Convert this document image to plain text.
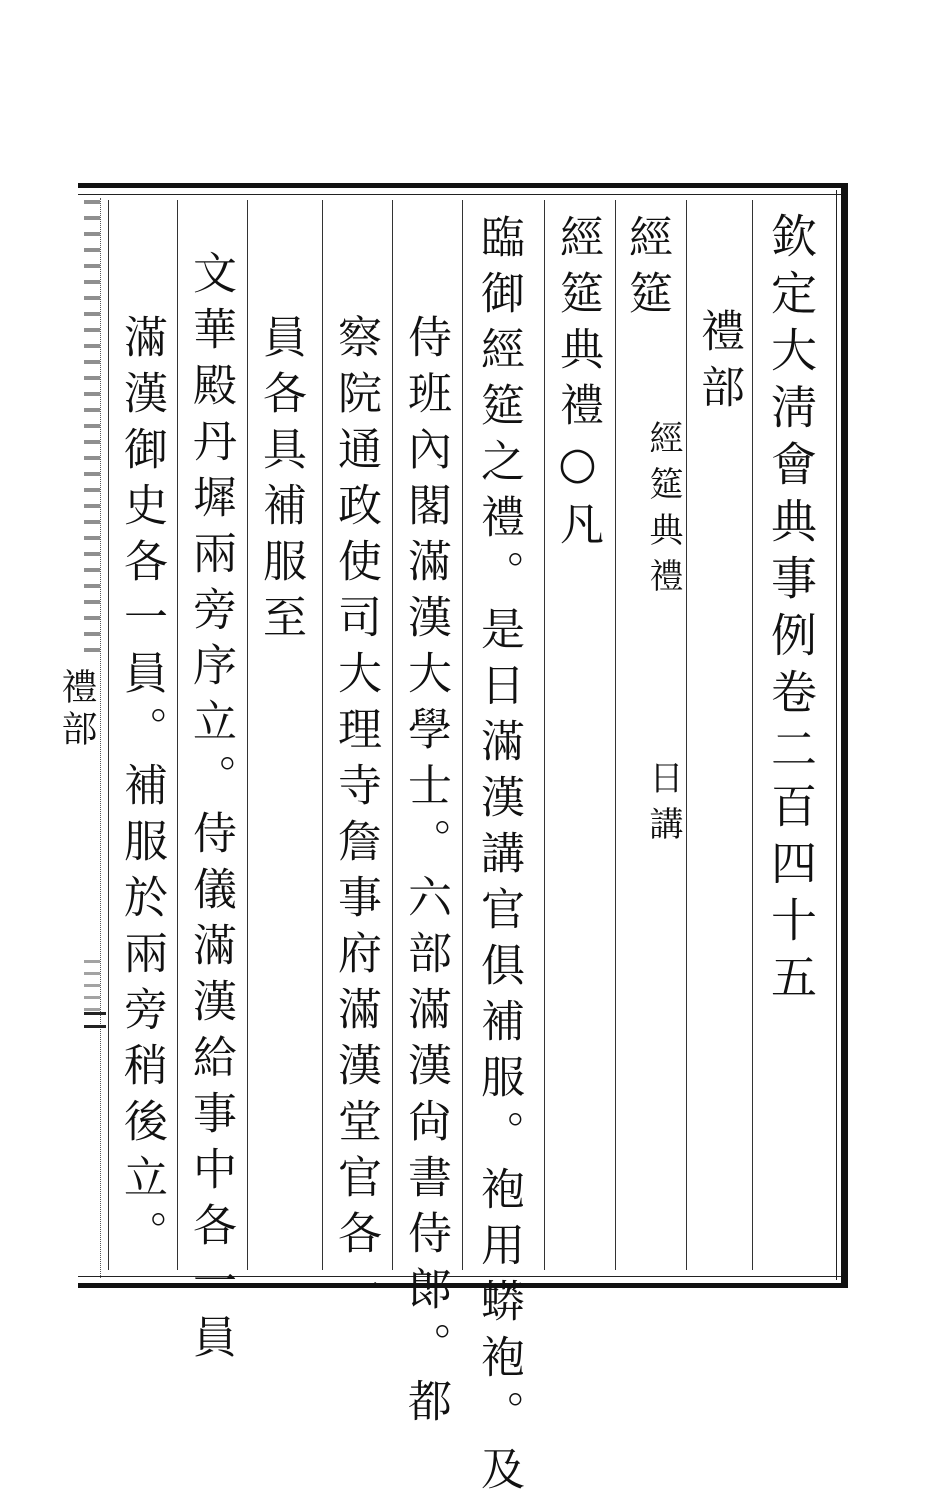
禮部	欽定大淸會典事例卷二百四十五
禮部
經筵典禮
日講
經筵
經筵典禮○凡
臨御經筵之禮。是日滿漢講官俱補服。袍用蟒袍。及
侍班內閣滿漢大學士。六部滿漢尙書侍郞。都
察院通政使司大理寺詹事府滿漢堂官各一
員各具補服至
文華殿丹墀兩旁序立。侍儀滿漢給事中各一員
滿漢御史各一員。補服於兩旁稍後立。
